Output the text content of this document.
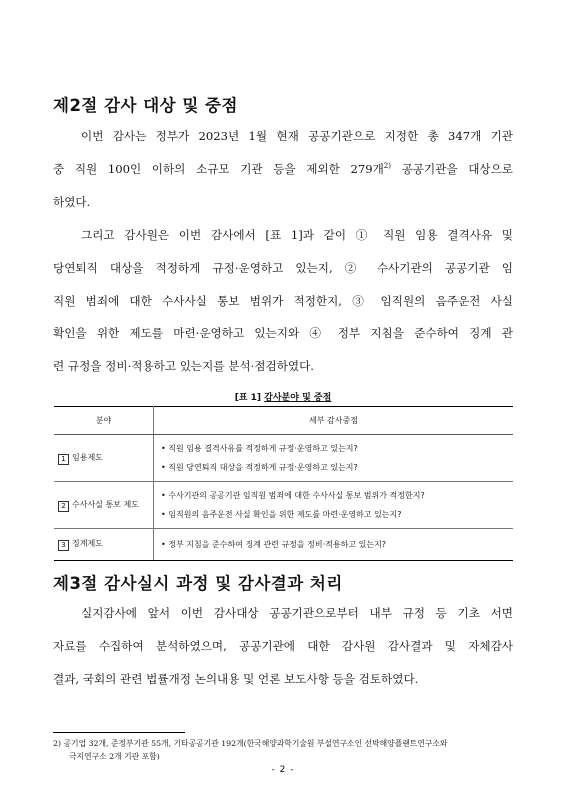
제2절 감사 대상 및 중점
이번 감사는 정부가 2023년 1월 현재 공공기관으로 지정한 총 347개 기관
중 직원 100인 이하의 소규모 기관 등을 제외한 279개$^{2)}$ 공공기관을 대상으로
하였다.
그리고 감사원은 이번 감사에서 [표 1]과 같이 ① 직원 임용 결격사유 및
당연퇴직 대상을 적정하게 규정·운영하고 있는지, ② 수사기관의 공공기관 임
직원 범죄에 대한 수사사실 통보 범위가 적정한지, ③ 임직원의 음주운전 사실
확인을 위한 제도를 마련·운영하고 있는지와 ④ 정부 지침을 준수하여 징계 관
련 규정을 정비·적용하고 있는지를 분석·점검하였다.
[표 1] 감사분야 및 중점
분야	세부 감사중점
1 임용제도	• 직원 임용 결격사유를 적정하게 규정·운영하고 있는지?
• 직원 당연퇴직 대상을 적정하게 규정·운영하고 있는지?

2 수사사실 통보 제도	• 수사기관의 공공기관 임직원 범죄에 대한 수사사실 통보 범위가 적정한지?
• 임직원의 음주운전 사실 확인을 위한 제도를 마련·운영하고 있는지?

3 징계제도	• 정부 지침을 준수하여 징계 관련 규정을 정비·적용하고 있는지?
제3절 감사실시 과정 및 감사결과 처리
실지감사에 앞서 이번 감사대상 공공기관으로부터 내부 규정 등 기초 서면
자료를 수집하여 분석하였으며, 공공기관에 대한 감사원 감사결과 및 자체감사
결과, 국회의 관련 법률개정 논의내용 및 언론 보도사항 등을 검토하였다.
2) 공기업 32개, 준정부기관 55개, 기타공공기관 192개(한국해양과학기술원 부설연구소인 선박해양플랜트연구소와
극지연구소 2개 기관 포함)
- 2 -
